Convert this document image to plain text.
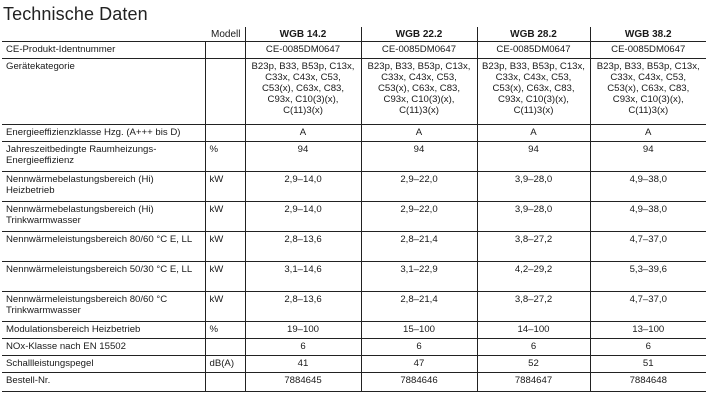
Technische Daten
Modell		WGB 14.2	WGB 22.2	WGB 28.2	WGB 38.2
CE-Produkt-Identnummer		CE-0085DM0647	CE-0085DM0647	CE-0085DM0647	CE-0085DM0647
Gerätekategorie		B23p, B33, B53p, C13x, C33x, C43x, C53, C53(x), C63x, C83, C93x, C10(3)(x), C(11)3(x)	B23p, B33, B53p, C13x, C33x, C43x, C53, C53(x), C63x, C83, C93x, C10(3)(x), C(11)3(x)	B23p, B33, B53p, C13x, C33x, C43x, C53, C53(x), C63x, C83, C93x, C10(3)(x), C(11)3(x)	B23p, B33, B53p, C13x, C33x, C43x, C53, C53(x), C63x, C83, C93x, C10(3)(x), C(11)3(x)
Energieeffizienzklasse Hzg. (A+++ bis D)		A	A	A	A
Jahreszeitbedingte Raumheizungs-Energieeffizienz	%	94	94	94	94
Nennwärmebelastungsbereich (Hi) Heizbetrieb	kW	2,9–14,0	2,9–22,0	3,9–28,0	4,9–38,0
Nennwärmebelastungsbereich (Hi) Trinkwarmwasser	kW	2,9–14,0	2,9–22,0	3,9–28,0	4,9–38,0
Nennwärmeleistungsbereich 80/60 °C E, LL	kW	2,8–13,6	2,8–21,4	3,8–27,2	4,7–37,0
Nennwärmeleistungsbereich 50/30 °C E, LL	kW	3,1–14,6	3,1–22,9	4,2–29,2	5,3–39,6
Nennwärmeleistungsbereich 80/60 °C Trinkwarmwasser	kW	2,8–13,6	2,8–21,4	3,8–27,2	4,7–37,0
Modulationsbereich Heizbetrieb	%	19–100	15–100	14–100	13–100
NOx-Klasse nach EN 15502		6	6	6	6
Schallleistungspegel	dB(A)	41	47	52	51
Bestell-Nr.		7884645	7884646	7884647	7884648
